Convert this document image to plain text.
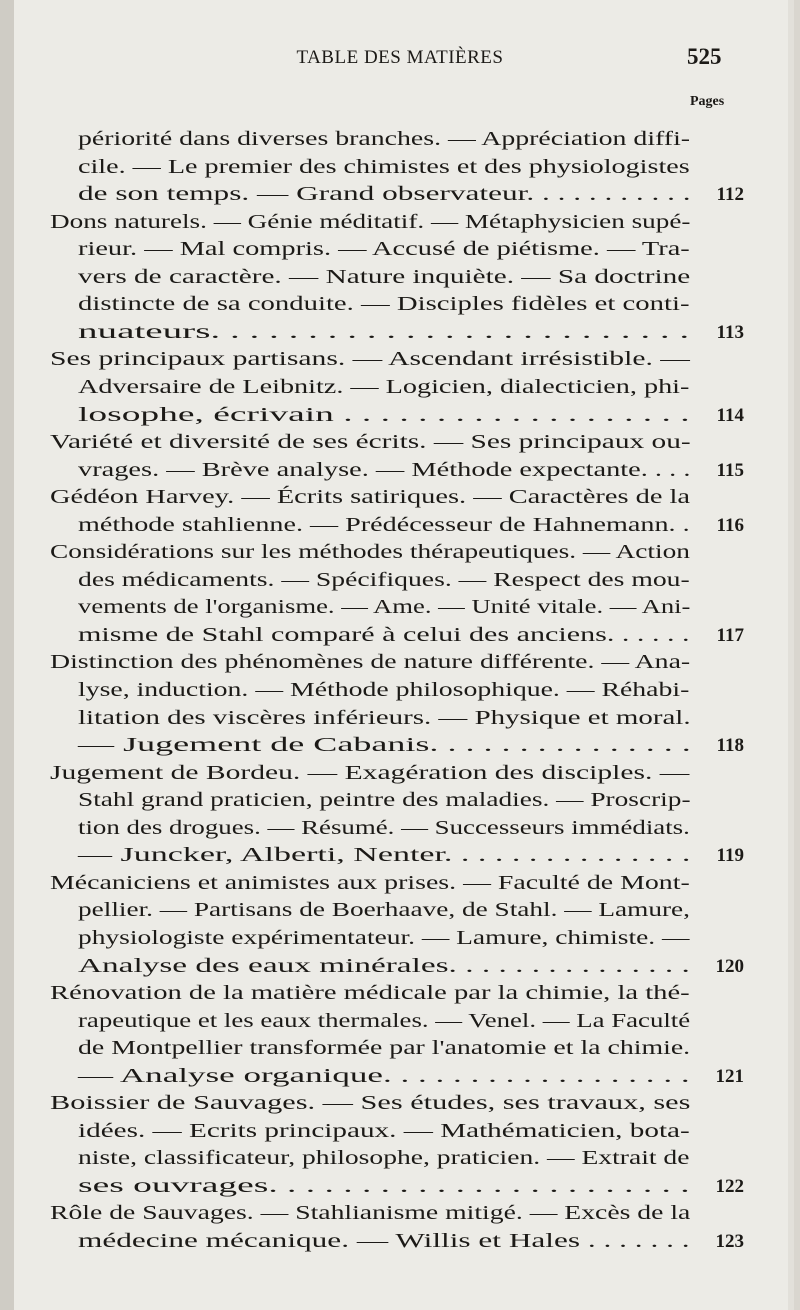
TABLE DES MATIÈRES	525
Pages
périorité dans diverses branches. — Appréciation diffi-
cile. — Le premier des chimistes et des physiologistes
de son temps. — Grand observateur. . . . . . . . . . .	112
Dons naturels. — Génie méditatif. — Métaphysicien supé-
rieur. — Mal compris. — Accusé de piétisme. — Tra-
vers de caractère. — Nature inquiète. — Sa doctrine
distincte de sa conduite. — Disciples fidèles et conti-
nuateurs. . . . . . . . . . . . . . . . . . . . . . . . .	113
Ses principaux partisans. — Ascendant irrésistible. —
Adversaire de Leibnitz. — Logicien, dialecticien, phi-
losophe, écrivain . . . . . . . . . . . . . . . . . . .	114
Variété et diversité de ses écrits. — Ses principaux ou-
vrages. — Brève analyse. — Méthode expectante. . . .	115
Gédéon Harvey. — Écrits satiriques. — Caractères de la
méthode stahlienne. — Prédécesseur de Hahnemann. .	116
Considérations sur les méthodes thérapeutiques. — Action
des médicaments. — Spécifiques. — Respect des mou-
vements de l'organisme. — Ame. — Unité vitale. — Ani-
misme de Stahl comparé à celui des anciens. . . . . .	117
Distinction des phénomènes de nature différente. — Ana-
lyse, induction. — Méthode philosophique. — Réhabi-
litation des viscères inférieurs. — Physique et moral.
— Jugement de Cabanis. . . . . . . . . . . . . . .	118
Jugement de Bordeu. — Exagération des disciples. —
Stahl grand praticien, peintre des maladies. — Proscrip-
tion des drogues. — Résumé. — Successeurs immédiats.
— Juncker, Alberti, Nenter. . . . . . . . . . . . . . .	119
Mécaniciens et animistes aux prises. — Faculté de Mont-
pellier. — Partisans de Boerhaave, de Stahl. — Lamure,
physiologiste expérimentateur. — Lamure, chimiste. —
Analyse des eaux minérales. . . . . . . . . . . . . . .	120
Rénovation de la matière médicale par la chimie, la thé-
rapeutique et les eaux thermales. — Venel. — La Faculté
de Montpellier transformée par l'anatomie et la chimie.
— Analyse organique. . . . . . . . . . . . . . . . . .	121
Boissier de Sauvages. — Ses études, ses travaux, ses
idées. — Ecrits principaux. — Mathématicien, bota-
niste, classificateur, philosophe, praticien. — Extrait de
ses ouvrages. . . . . . . . . . . . . . . . . . . . . . .	122
Rôle de Sauvages. — Stahlianisme mitigé. — Excès de la
médecine mécanique. — Willis et Hales . . . . . . .	123
